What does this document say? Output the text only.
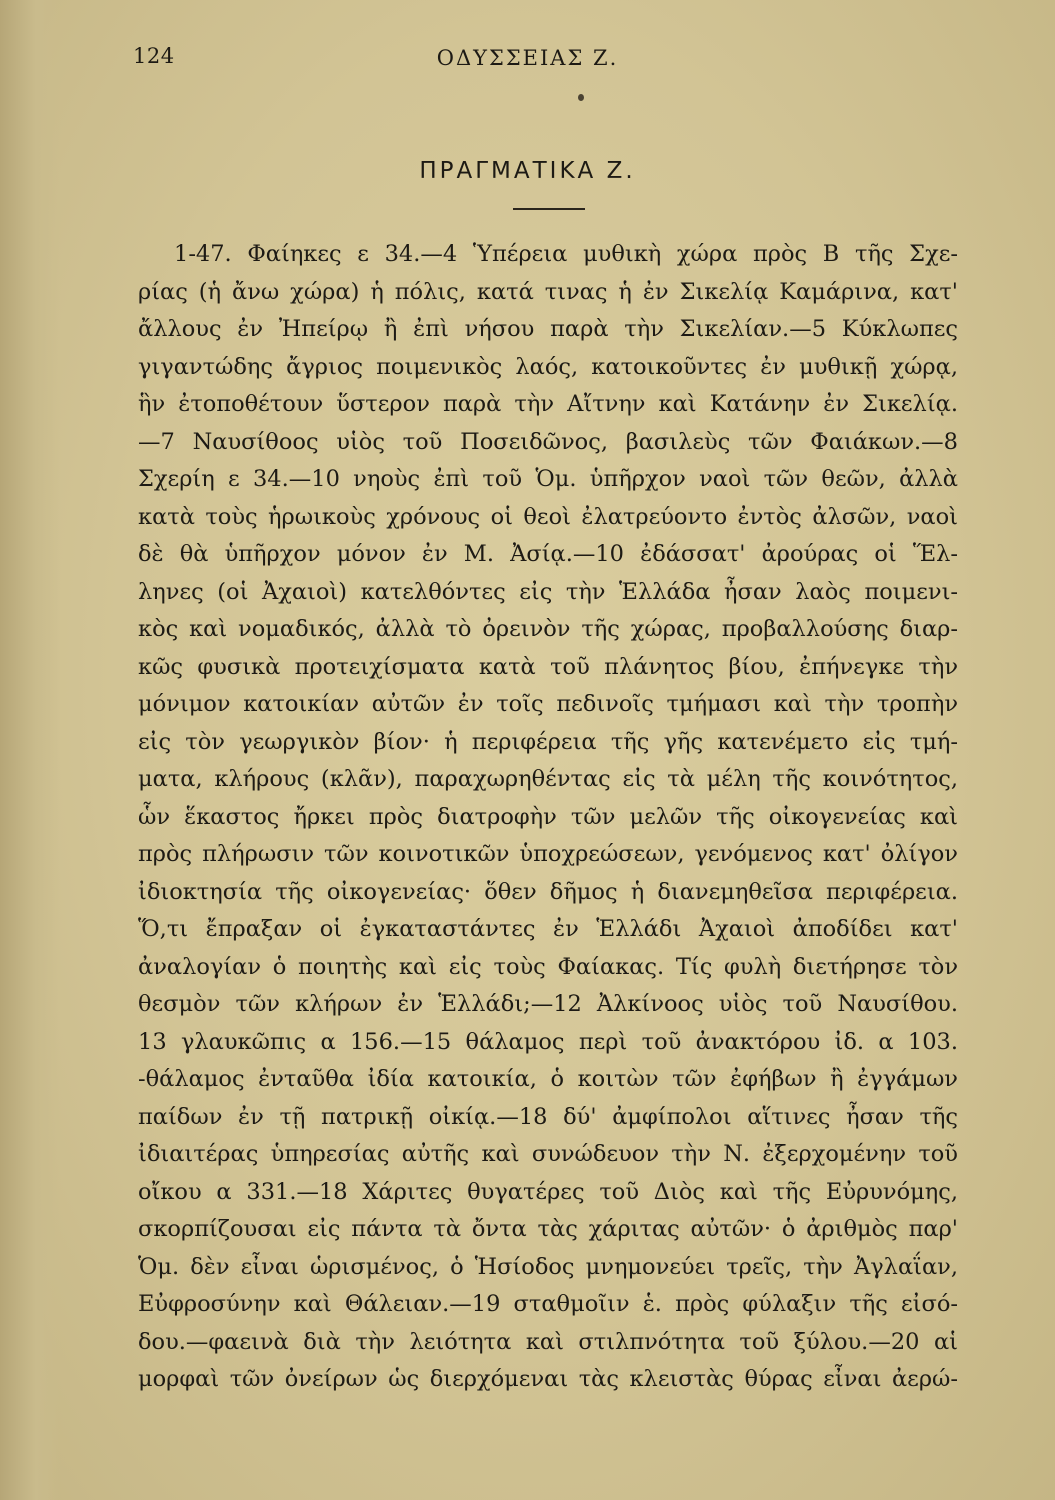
124	ΟΔΥΣΣΕΙΑΣ Ζ.
ΠΡΑΓΜΑΤΙΚΑ Ζ.
1-47. Φαίηκες ε 34.—4 Ὑπέρεια μυθικὴ χώρα πρὸς Β τῆς Σχε-
ρίας (ἡ ἄνω χώρα) ἡ πόλις, κατά τινας ἡ ἐν Σικελίᾳ Καμάρινα, κατ'
ἄλλους ἐν Ἠπείρῳ ἢ ἐπὶ νήσου παρὰ τὴν Σικελίαν.—5 Κύκλωπες
γιγαντώδης ἄγριος ποιμενικὸς λαός, κατοικοῦντες ἐν μυθικῇ χώρᾳ,
ἣν ἐτοποθέτουν ὕστερον παρὰ τὴν Αἴτνην καὶ Κατάνην ἐν Σικελίᾳ.
—7 Ναυσίθοος υἱὸς τοῦ Ποσειδῶνος, βασιλεὺς τῶν Φαιάκων.—8
Σχερίη ε 34.—10 νηοὺς ἐπὶ τοῦ Ὁμ. ὑπῆρχον ναοὶ τῶν θεῶν, ἀλλὰ
κατὰ τοὺς ἡρωικοὺς χρόνους οἱ θεοὶ ἐλατρεύοντο ἐντὸς ἀλσῶν, ναοὶ
δὲ θὰ ὑπῆρχον μόνον ἐν Μ. Ἀσίᾳ.—10 ἐδάσσατ' ἀρούρας οἱ Ἕλ-
ληνες (οἱ Ἀχαιοὶ) κατελθόντες εἰς τὴν Ἑλλάδα ἦσαν λαὸς ποιμενι-
κὸς καὶ νομαδικός, ἀλλὰ τὸ ὀρεινὸν τῆς χώρας, προβαλλούσης διαρ-
κῶς φυσικὰ προτειχίσματα κατὰ τοῦ πλάνητος βίου, ἐπήνεγκε τὴν
μόνιμον κατοικίαν αὐτῶν ἐν τοῖς πεδινοῖς τμήμασι καὶ τὴν τροπὴν
εἰς τὸν γεωργικὸν βίον· ἡ περιφέρεια τῆς γῆς κατενέμετο εἰς τμή-
ματα, κλήρους (κλᾶν), παραχωρηθέντας εἰς τὰ μέλη τῆς κοινότητος,
ὧν ἕκαστος ἤρκει πρὸς διατροφὴν τῶν μελῶν τῆς οἰκογενείας καὶ
πρὸς πλήρωσιν τῶν κοινοτικῶν ὑποχρεώσεων, γενόμενος κατ' ὀλίγον
ἰδιοκτησία τῆς οἰκογενείας· ὅθεν δῆμος ἡ διανεμηθεῖσα περιφέρεια.
Ὅ,τι ἔπραξαν οἱ ἐγκαταστάντες ἐν Ἑλλάδι Ἀχαιοὶ ἀποδίδει κατ'
ἀναλογίαν ὁ ποιητὴς καὶ εἰς τοὺς Φαίακας. Τίς φυλὴ διετήρησε τὸν
θεσμὸν τῶν κλήρων ἐν Ἑλλάδι;—12 Ἀλκίνοος υἱὸς τοῦ Ναυσίθου.
13 γλαυκῶπις α 156.—15 θάλαμος περὶ τοῦ ἀνακτόρου ἰδ. α 103.
-θάλαμος ἐνταῦθα ἰδία κατοικία, ὁ κοιτὼν τῶν ἐφήβων ἢ ἐγγάμων
παίδων ἐν τῇ πατρικῇ οἰκίᾳ.—18 δύ' ἀμφίπολοι αἵτινες ἦσαν τῆς
ἰδιαιτέρας ὑπηρεσίας αὐτῆς καὶ συνώδευον τὴν Ν. ἐξερχομένην τοῦ
οἴκου α 331.—18 Χάριτες θυγατέρες τοῦ Διὸς καὶ τῆς Εὐρυνόμης,
σκορπίζουσαι εἰς πάντα τὰ ὄντα τὰς χάριτας αὐτῶν· ὁ ἀριθμὸς παρ'
Ὁμ. δὲν εἶναι ὡρισμένος, ὁ Ἡσίοδος μνημονεύει τρεῖς, τὴν Ἀγλαΐαν,
Εὐφροσύνην καὶ Θάλειαν.—19 σταθμοῖιν ἑ. πρὸς φύλαξιν τῆς εἰσό-
δου.—φαεινὰ διὰ τὴν λειότητα καὶ στιλπνότητα τοῦ ξύλου.—20 αἱ
μορφαὶ τῶν ὀνείρων ὡς διερχόμεναι τὰς κλειστὰς θύρας εἶναι ἀερώ-
